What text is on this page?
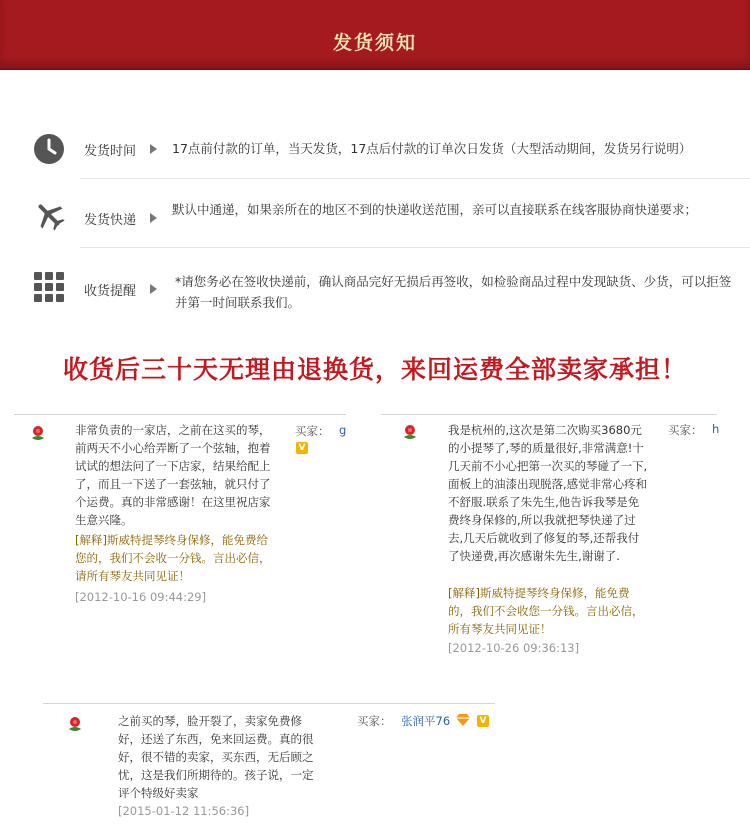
发货须知
发货时间	17点前付款的订单，当天发货，17点后付款的订单次日发货（大型活动期间，发货另行说明）
发货快递
默认中通递，如果亲所在的地区不到的快递收送范围，亲可以直接联系在线客服协商快递要求；
收货提醒
*请您务必在签收快递前，确认商品完好无损后再签收，如检验商品过程中发现缺货、少货，可以拒签并第一时间联系我们。
收货后三十天无理由退换货，来回运费全部卖家承担！
非常负责的一家店，之前在这买的琴，前两天不小心给弄断了一个弦轴，抱着试试的想法问了一下店家，结果给配上了，而且一下送了一套弦轴，就只付了个运费。真的非常感谢！在这里祝店家生意兴隆。
[解释]斯威特提琴终身保修，能免费给您的，我们不会收一分钱。言出必信，请所有琴友共同见证！
[2012-10-16 09:44:29]
买家： g
V
我是杭州的,这次是第二次购买3680元的小提琴了,琴的质量很好,非常满意!十几天前不小心把第一次买的琴碰了一下,面板上的油漆出现脱落,感觉非常心疼和不舒服.联系了朱先生,他告诉我琴是免费终身保修的,所以我就把琴快递了过去,几天后就收到了修复的琴,还帮我付了快递费,再次感谢朱先生,谢谢了.
[解释]斯威特提琴终身保修，能免费的，我们不会收您一分钱。言出必信，所有琴友共同见证！
[2012-10-26 09:36:13]
买家： h
之前买的琴，脸开裂了，卖家免费修好，还送了东西，免来回运费。真的很好，很不错的卖家，买东西，无后顾之忧，这是我们所期待的。孩子说，一定评个特级好卖家
[2015-01-12 11:56:36]
买家： 张润平76	V
